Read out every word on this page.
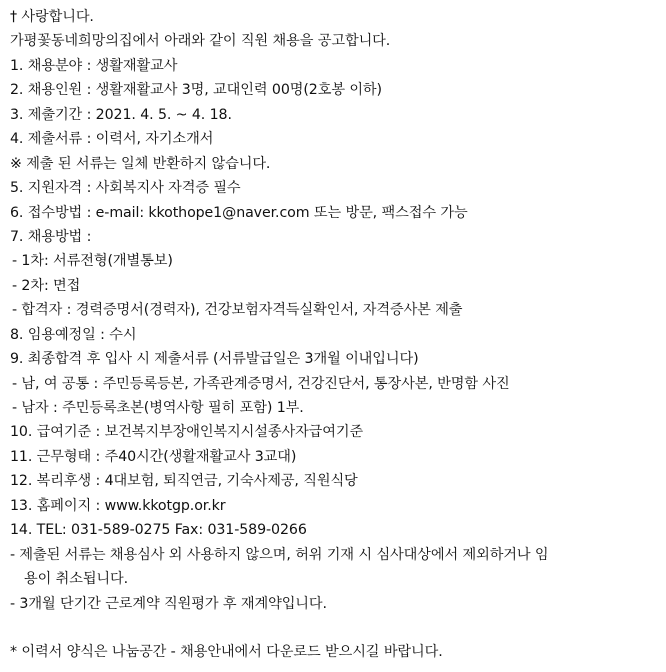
† 사랑합니다.
가평꽃동네희망의집에서 아래와 같이 직원 채용을 공고합니다.
1. 채용분야 : 생활재활교사
2. 채용인원 : 생활재활교사 3명, 교대인력 00명(2호봉 이하)
3. 제출기간 : 2021. 4. 5. ~ 4. 18.
4. 제출서류 : 이력서, 자기소개서
※ 제출 된 서류는 일체 반환하지 않습니다.
5. 지원자격 : 사회복지사 자격증 필수
6. 접수방법 : e-mail: kkothope1@naver.com 또는 방문, 팩스접수 가능
7. 채용방법 :
- 1차: 서류전형(개별통보)
- 2차: 면접
- 합격자 : 경력증명서(경력자), 건강보험자격득실확인서, 자격증사본 제출
8. 임용예정일 : 수시
9. 최종합격 후 입사 시 제출서류 (서류발급일은 3개월 이내입니다)
- 남, 여 공통 : 주민등록등본, 가족관계증명서, 건강진단서, 통장사본, 반명함 사진
- 남자 : 주민등록초본(병역사항 필히 포함) 1부.
10. 급여기준 : 보건복지부장애인복지시설종사자급여기준
11. 근무형태 : 주40시간(생활재활교사 3교대)
12. 복리후생 : 4대보험, 퇴직연금, 기숙사제공, 직원식당
13. 홈페이지 : www.kkotgp.or.kr
14. TEL: 031-589-0275 Fax: 031-589-0266
- 제출된 서류는 채용심사 외 사용하지 않으며, 허위 기재 시 심사대상에서 제외하거나 임
용이 취소됩니다.
- 3개월 단기간 근로계약 직원평가 후 재계약입니다.
* 이력서 양식은 나눔공간 - 채용안내에서 다운로드 받으시길 바랍니다.
